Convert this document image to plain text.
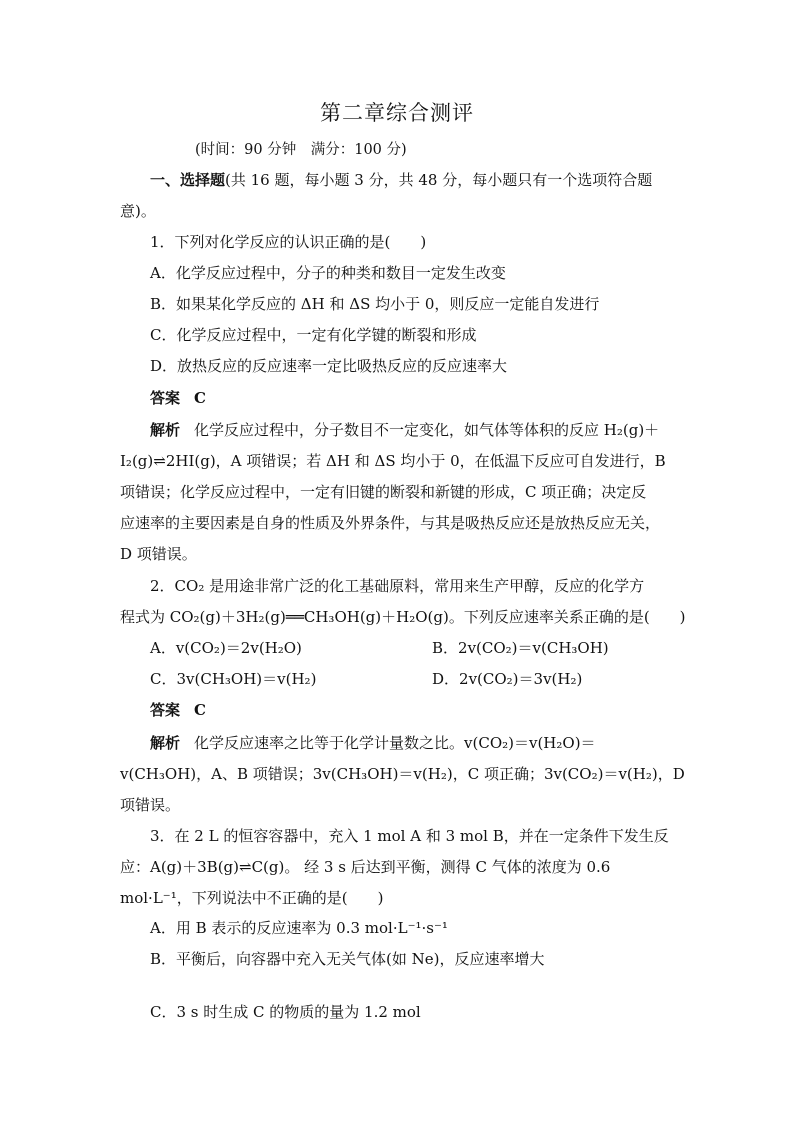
第二章综合测评
(时间：90 分钟　满分：100 分)
一、选择题(共 16 题，每小题 3 分，共 48 分，每小题只有一个选项符合题
意)。
1．下列对化学反应的认识正确的是(　　)
A．化学反应过程中，分子的种类和数目一定发生改变
B．如果某化学反应的 ΔH 和 ΔS 均小于 0，则反应一定能自发进行
C．化学反应过程中，一定有化学键的断裂和形成
D．放热反应的反应速率一定比吸热反应的反应速率大
答案 C
解析 化学反应过程中，分子数目不一定变化，如气体等体积的反应 H₂(g)＋
I₂(g)⇌2HI(g)，A 项错误；若 ΔH 和 ΔS 均小于 0，在低温下反应可自发进行，B
项错误；化学反应过程中，一定有旧键的断裂和新键的形成，C 项正确；决定反
应速率的主要因素是自身的性质及外界条件，与其是吸热反应还是放热反应无关，
D 项错误。
2．CO₂ 是用途非常广泛的化工基础原料，常用来生产甲醇，反应的化学方
程式为 CO₂(g)＋3H₂(g)══CH₃OH(g)＋H₂O(g)。下列反应速率关系正确的是(　　)
A．v(CO₂)＝2v(H₂O)	B．2v(CO₂)＝v(CH₃OH)
C．3v(CH₃OH)＝v(H₂)	D．2v(CO₂)＝3v(H₂)
答案 C
解析 化学反应速率之比等于化学计量数之比。v(CO₂)＝v(H₂O)＝
v(CH₃OH)，A、B 项错误；3v(CH₃OH)＝v(H₂)，C 项正确；3v(CO₂)＝v(H₂)，D
项错误。
3．在 2 L 的恒容容器中，充入 1 mol A 和 3 mol B，并在一定条件下发生反
应：A(g)＋3B(g)⇌C(g)。 经 3 s 后达到平衡，测得 C 气体的浓度为 0.6
mol·L⁻¹，下列说法中不正确的是(　　)
A．用 B 表示的反应速率为 0.3 mol·L⁻¹·s⁻¹
B．平衡后，向容器中充入无关气体(如 Ne)，反应速率增大
C．3 s 时生成 C 的物质的量为 1.2 mol
